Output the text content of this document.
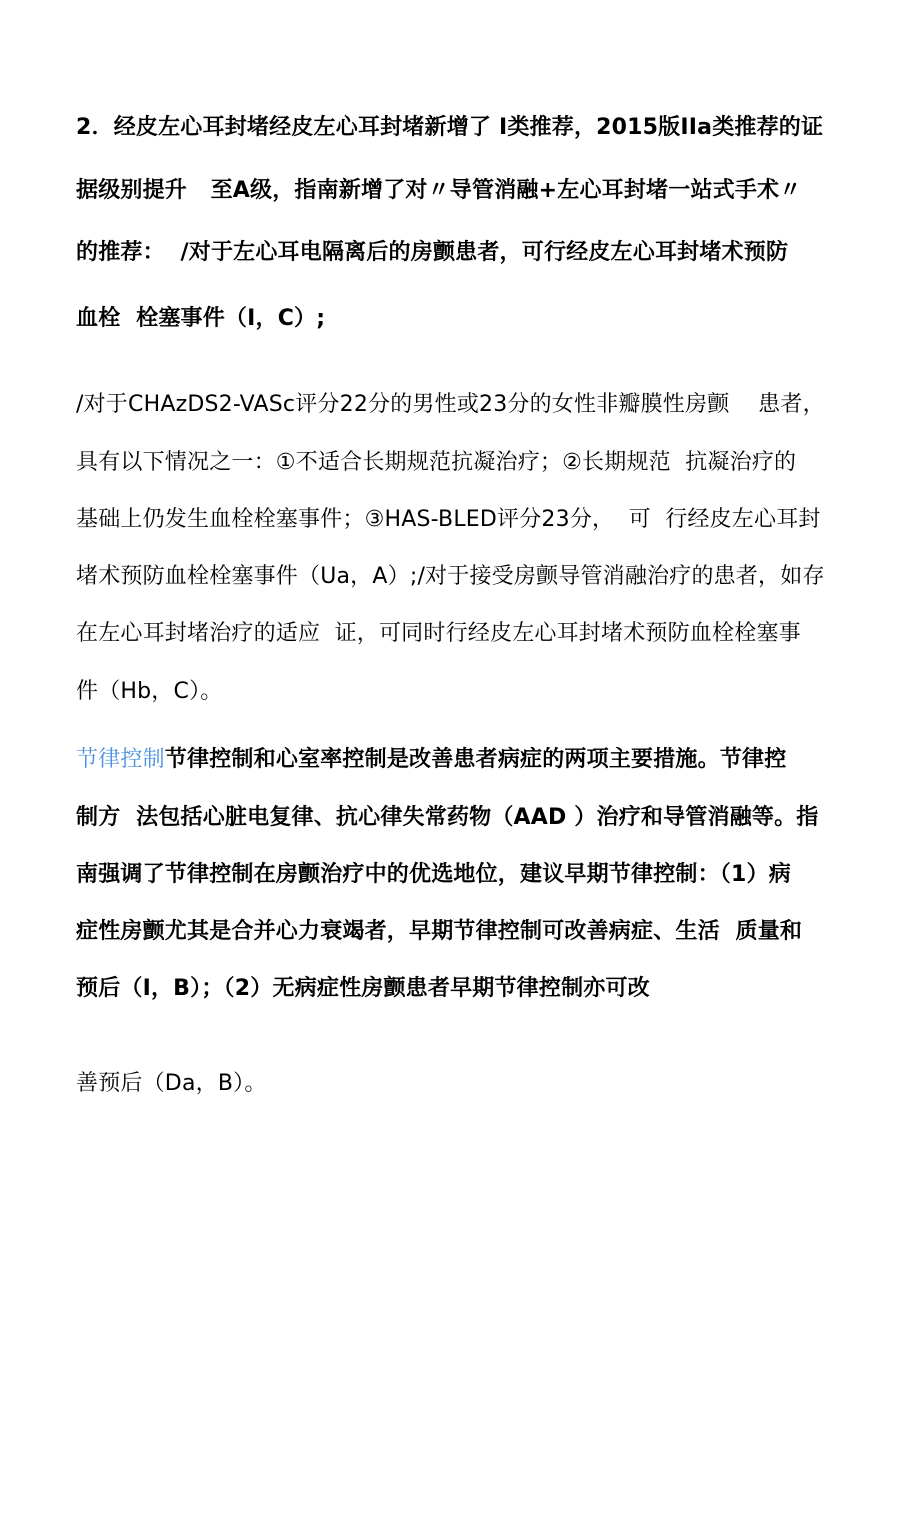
2．经皮左心耳封堵经皮左心耳封堵新增了 I类推荐，2015版IIa类推荐的证
据级别提升   至A级，指南新增了对〃导管消融+左心耳封堵一站式手术〃
的推荐：  /对于左心耳电隔离后的房颤患者，可行经皮左心耳封堵术预防
血栓  栓塞事件（I，C）;
/对于CHAzDS2-VASc评分22分的男性或23分的女性非瓣膜性房颤    患者，
具有以下情况之一：①不适合长期规范抗凝治疗；②长期规范  抗凝治疗的
基础上仍发生血栓栓塞事件；③HAS-BLED评分23分，  可  行经皮左心耳封
堵术预防血栓栓塞事件（Ua，A）;/对于接受房颤导管消融治疗的患者，如存
在左心耳封堵治疗的适应  证，可同时行经皮左心耳封堵术预防血栓栓塞事
件（Hb，C）。
节律控制节律控制和心室率控制是改善患者病症的两项主要措施。节律控
制方  法包括心脏电复律、抗心律失常药物（AAD ）治疗和导管消融等。指
南强调了节律控制在房颤治疗中的优选地位，建议早期节律控制：（1）病
症性房颤尤其是合并心力衰竭者，早期节律控制可改善病症、生活  质量和
预后（I，B）；（2）无病症性房颤患者早期节律控制亦可改
善预后（Da，B）。
